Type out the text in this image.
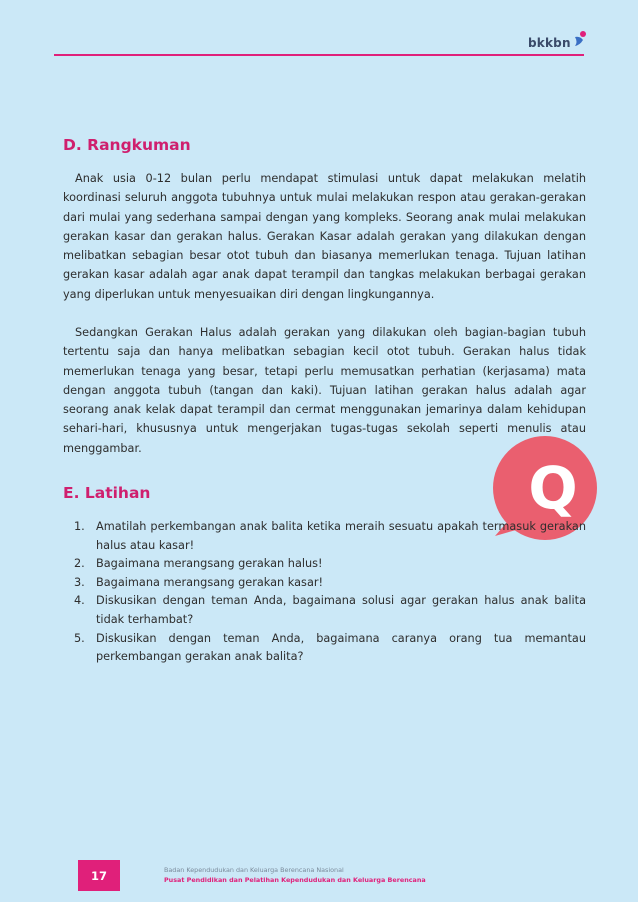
bkkbn
D. Rangkuman

Anak usia 0-12 bulan perlu mendapat stimulasi untuk dapat melakukan melatih koordinasi seluruh anggota tubuhnya untuk mulai melakukan respon atau gerakan-gerakan dari mulai yang sederhana sampai dengan yang kompleks. Seorang anak mulai melakukan gerakan kasar dan gerakan halus. Gerakan Kasar adalah gerakan yang dilakukan dengan melibatkan sebagian besar otot tubuh dan biasanya memerlukan tenaga. Tujuan latihan gerakan kasar adalah agar anak dapat terampil dan tangkas melakukan berbagai gerakan yang diperlukan untuk menyesuaikan diri dengan lingkungannya.

Sedangkan Gerakan Halus adalah gerakan yang dilakukan oleh bagian-bagian tubuh tertentu saja dan hanya melibatkan sebagian kecil otot tubuh. Gerakan halus tidak memerlukan tenaga yang besar, tetapi perlu memusatkan perhatian (kerjasama) mata dengan anggota tubuh (tangan dan kaki). Tujuan latihan gerakan halus adalah agar seorang anak kelak dapat terampil dan cermat menggunakan jemarinya dalam kehidupan sehari-hari, khususnya untuk mengerjakan tugas-tugas sekolah seperti menulis atau menggambar.

Q
E. Latihan
1. Amatilah perkembangan anak balita ketika meraih sesuatu apakah termasuk gerakan halus atau kasar!
2. Bagaimana merangsang gerakan halus!
3. Bagaimana merangsang gerakan kasar!
4. Diskusikan dengan teman Anda, bagaimana solusi agar gerakan halus anak balita tidak terhambat?
5. Diskusikan dengan teman Anda, bagaimana caranya orang tua memantau perkembangan gerakan anak balita?
17	Badan Kependudukan dan Keluarga Berencana Nasional
Pusat Pendidikan dan Pelatihan Kependudukan dan Keluarga Berencana
